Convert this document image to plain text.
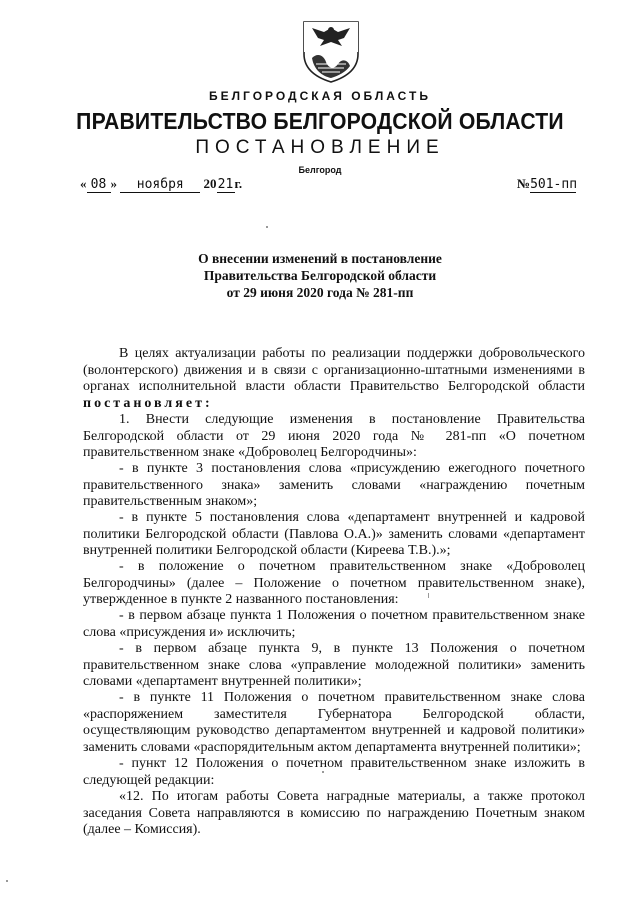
БЕЛГОРОДСКАЯ ОБЛАСТЬ
ПРАВИТЕЛЬСТВО БЕЛГОРОДСКОЙ ОБЛАСТИ
ПОСТАНОВЛЕНИЕ
Белгород
« 08 » ноября 2021г.	№501-пп
О внесении изменений в постановление
Правительства Белгородской области
от 29 июня 2020 года № 281-пп
В целях актуализации работы по реализации поддержки добровольческого (волонтерского) движения и в связи с организационно-штатными изменениями в органах исполнительной власти области Правительство Белгородской области постановляет:
1. Внести следующие изменения в постановление Правительства Белгородской области от 29 июня 2020 года № 281-пп «О почетном правительственном знаке «Доброволец Белгородчины»:
- в пункте 3 постановления слова «присуждению ежегодного почетного правительственного знака» заменить словами «награждению почетным правительственным знаком»;
- в пункте 5 постановления слова «департамент внутренней и кадровой политики Белгородской области (Павлова О.А.)» заменить словами «департамент внутренней политики Белгородской области (Киреева Т.В.).»;
- в положение о почетном правительственном знаке «Доброволец Белгородчины» (далее – Положение о почетном правительственном знаке), утвержденное в пункте 2 названного постановления:
- в первом абзаце пункта 1 Положения о почетном правительственном знаке слова «присуждения и» исключить;
- в первом абзаце пункта 9, в пункте 13 Положения о почетном правительственном знаке слова «управление молодежной политики» заменить словами «департамент внутренней политики»;
- в пункте 11 Положения о почетном правительственном знаке слова «распоряжением заместителя Губернатора Белгородской области, осуществляющим руководство департаментом внутренней и кадровой политики» заменить словами «распорядительным актом департамента внутренней политики»;
- пункт 12 Положения о почетном правительственном знаке изложить в следующей редакции:
«12. По итогам работы Совета наградные материалы, а также протокол заседания Совета направляются в комиссию по награждению Почетным знаком (далее – Комиссия).
